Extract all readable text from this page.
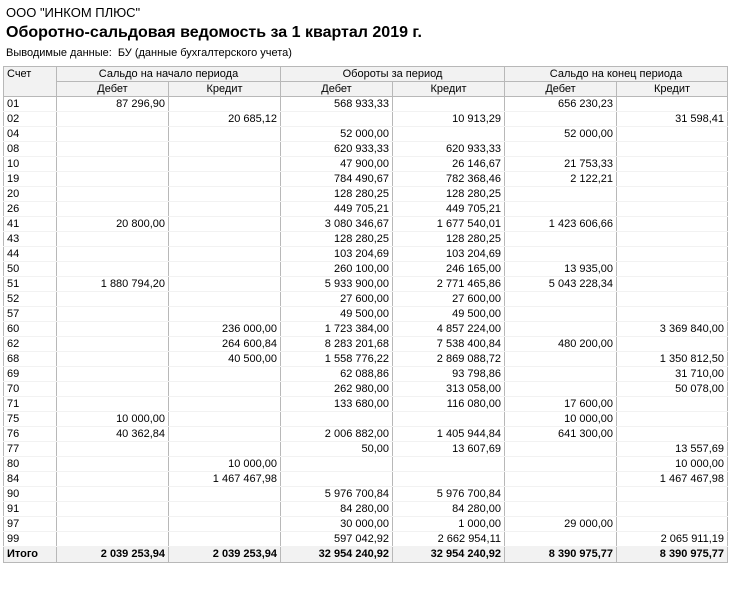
ООО "ИНКОМ ПЛЮС"
Оборотно-сальдовая ведомость за 1 квартал 2019 г.
Выводимые данные: БУ (данные бухгалтерского учета)
Счет	Сальдо на начало периода		Обороты за период		Сальдо на конец периода	
	Дебет	Кредит	Дебет	Кредит	Дебет	Кредит
01	87 296,90		568 933,33		656 230,23	
02		20 685,12		10 913,29		31 598,41
04			52 000,00		52 000,00	
08			620 933,33	620 933,33		
10			47 900,00	26 146,67	21 753,33	
19			784 490,67	782 368,46	2 122,21	
20			128 280,25	128 280,25		
26			449 705,21	449 705,21		
41	20 800,00		3 080 346,67	1 677 540,01	1 423 606,66	
43			128 280,25	128 280,25		
44			103 204,69	103 204,69		
50			260 100,00	246 165,00	13 935,00	
51	1 880 794,20		5 933 900,00	2 771 465,86	5 043 228,34	
52			27 600,00	27 600,00		
57			49 500,00	49 500,00		
60		236 000,00	1 723 384,00	4 857 224,00		3 369 840,00
62		264 600,84	8 283 201,68	7 538 400,84	480 200,00	
68		40 500,00	1 558 776,22	2 869 088,72		1 350 812,50
69			62 088,86	93 798,86		31 710,00
70			262 980,00	313 058,00		50 078,00
71			133 680,00	116 080,00	17 600,00	
75	10 000,00				10 000,00	
76	40 362,84		2 006 882,00	1 405 944,84	641 300,00	
77			50,00	13 607,69		13 557,69
80		10 000,00				10 000,00
84		1 467 467,98				1 467 467,98
90			5 976 700,84	5 976 700,84		
91			84 280,00	84 280,00		
97			30 000,00	1 000,00	29 000,00	
99			597 042,92	2 662 954,11		2 065 911,19
Итого	2 039 253,94	2 039 253,94	32 954 240,92	32 954 240,92	8 390 975,77	8 390 975,77
